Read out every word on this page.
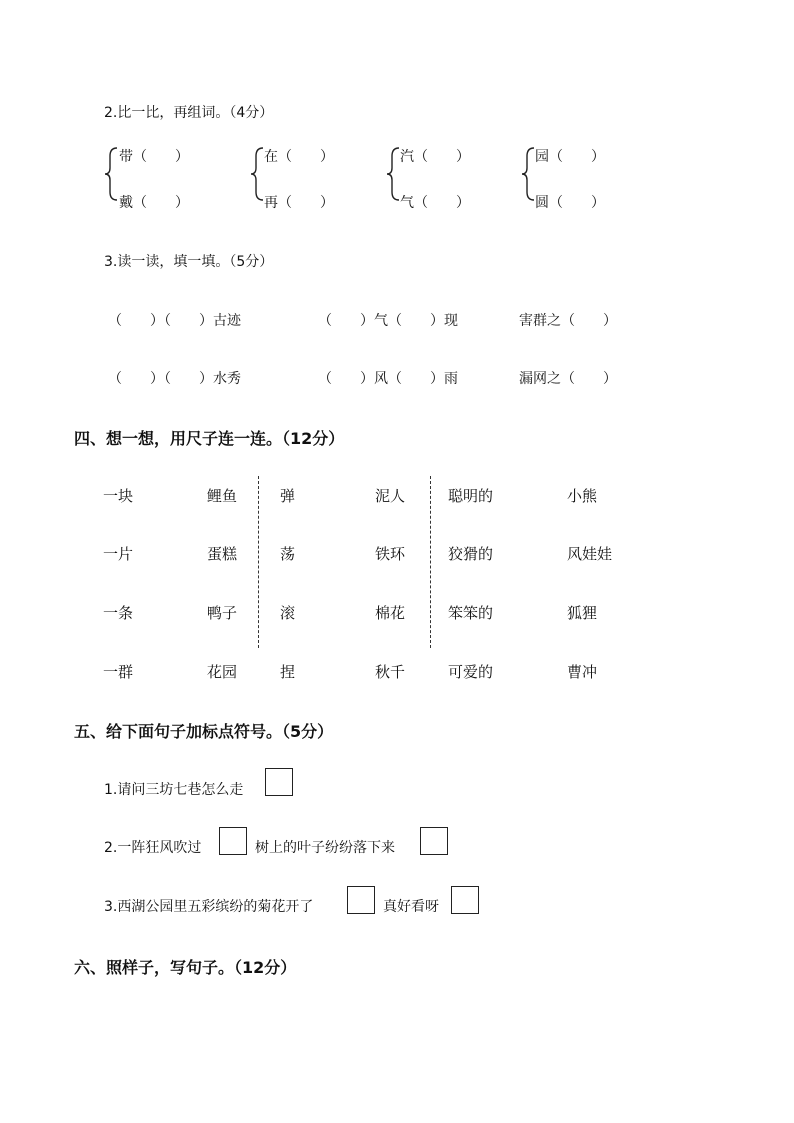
2.比一比，再组词。（4分）
带（　　）
戴（　　）
在（　　）
再（　　）
汽（　　）
气（　　）
园（　　）
圆（　　）
3.读一读，填一填。（5分）
（　　）（　　）古迹	（　　）气（　　）现	害群之（　　）
（　　）（　　）水秀	（　　）风（　　）雨	漏网之（　　）
四、想一想，用尺子连一连。（12分）
一块	鲤鱼	弹	泥人	聪明的	小熊
一片	蛋糕	荡	铁环	狡猾的	风娃娃
一条	鸭子	滚	棉花	笨笨的	狐狸
一群	花园	捏	秋千	可爱的	曹冲
五、给下面句子加标点符号。（5分）
1.请问三坊七巷怎么走
2.一阵狂风吹过	树上的叶子纷纷落下来
3.西湖公园里五彩缤纷的菊花开了	真好看呀
六、照样子，写句子。（12分）
